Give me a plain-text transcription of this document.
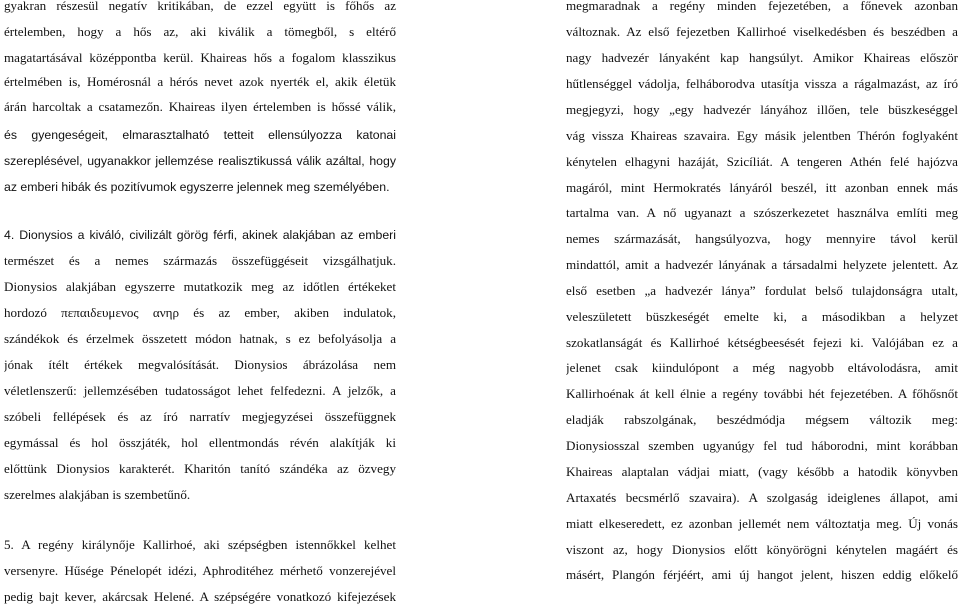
gyakran részesül negatív kritikában, de ezzel együtt is főhős az
értelemben, hogy a hős az, aki kiválik a tömegből, s eltérő
magatartásával középpontba kerül. Khaireas hős a fogalom klasszikus
értelmében is, Homérosnál a hérós nevet azok nyerték el, akik életük
árán harcoltak a csatamezőn. Khaireas ilyen értelemben is hőssé válik,
és gyengeségeit, elmarasztalható tetteit ellensúlyozza katonai
szereplésével, ugyanakkor jellemzése realisztikussá válik azáltal, hogy
az emberi hibák és pozitívumok egyszerre jelennek meg személyében.
4. Dionysios a kiváló, civilizált görög férfi, akinek alakjában az emberi
természet és a nemes származás összefüggéseit vizsgálhatjuk.
Dionysios alakjában egyszerre mutatkozik meg az időtlen értékeket
hordozó πεπαιδευμενος ανηρ és az ember, akiben indulatok,
szándékok és érzelmek összetett módon hatnak, s ez befolyásolja a
jónak ítélt értékek megvalósítását. Dionysios ábrázolása nem
véletlenszerű: jellemzésében tudatosságot lehet felfedezni. A jelzők, a
szóbeli fellépések és az író narratív megjegyzései összefüggnek
egymással és hol összjáték, hol ellentmondás révén alakítják ki
előttünk Dionysios karakterét. Kharitón tanító szándéka az özvegy
szerelmes alakjában is szembetűnő.
5. A regény királynője Kallirhoé, aki szépségben istennőkkel kelhet
versenyre. Hűsége Pénelopét idézi, Aphroditéhez mérhető vonzerejével
pedig bajt kever, akárcsak Helené. A szépségére vonatkozó kifejezések
megmaradnak a regény minden fejezetében, a főnevek azonban
változnak. Az első fejezetben Kallirhoé viselkedésben és beszédben a
nagy hadvezér lányaként kap hangsúlyt. Amikor Khaireas először
hűtlenséggel vádolja, felháborodva utasítja vissza a rágalmazást, az író
megjegyzi, hogy „egy hadvezér lányához illően, tele büszkeséggel
vág vissza Khaireas szavaira. Egy másik jelentben Thérón foglyaként
kénytelen elhagyni hazáját, Szicíliát. A tengeren Athén felé hajózva
magáról, mint Hermokratés lányáról beszél, itt azonban ennek más
tartalma van. A nő ugyanazt a szószerkezetet használva említi meg
nemes származását, hangsúlyozva, hogy mennyire távol kerül
mindattól, amit a hadvezér lányának a társadalmi helyzete jelentett. Az
első esetben „a hadvezér lánya” fordulat belső tulajdonságra utalt,
veleszületett büszkeségét emelte ki, a másodikban a helyzet
szokatlanságát és Kallirhoé kétségbeesését fejezi ki. Valójában ez a
jelenet csak kiindulópont a még nagyobb eltávolodásra, amit
Kallirhoénak át kell élnie a regény további hét fejezetében. A főhősnőt
eladják rabszolgának, beszédmódja mégsem változik meg:
Dionysiosszal szemben ugyanúgy fel tud háborodni, mint korábban
Khaireas alaptalan vádjai miatt, (vagy később a hatodik könyvben
Artaxatés becsmérlő szavaira). A szolgaság ideiglenes állapot, ami
miatt elkeseredett, ez azonban jellemét nem változtatja meg. Új vonás
viszont az, hogy Dionysios előtt könyörögni kénytelen magáért és
másért, Plangón férjéért, ami új hangot jelent, hiszen eddig előkelő
